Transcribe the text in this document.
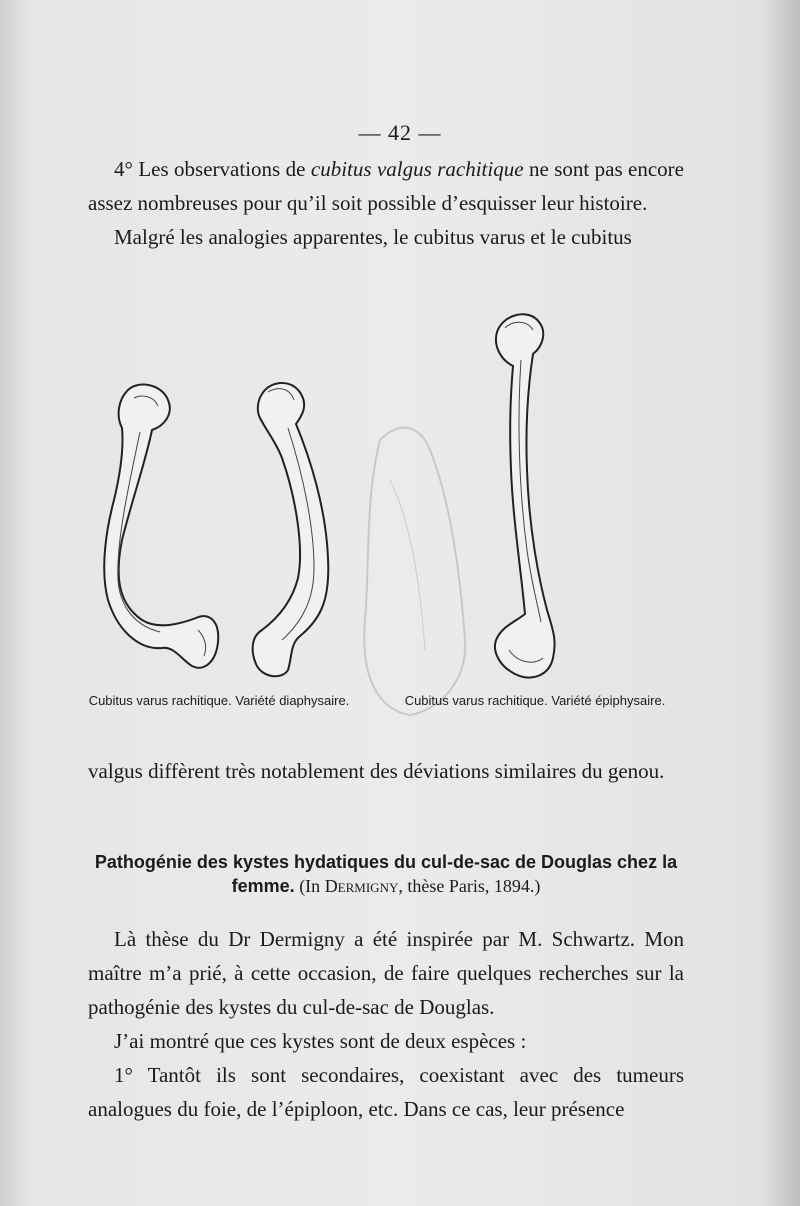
— 42 —

4° Les observations de cubitus valgus rachitique ne sont pas encore assez nombreuses pour qu’il soit possible d’esquisser leur histoire.

Malgré les analogies apparentes, le cubitus varus et le cubitus

Cubitus varus rachitique. Variété diaphysaire.	Cubitus varus rachitique. Variété épiphysaire.

valgus diffèrent très notablement des déviations similaires du genou.

Pathogénie des kystes hydatiques du cul-de-sac de Douglas chez la femme. (In Dermigny, thèse Paris, 1894.)

Là thèse du Dr Dermigny a été inspirée par M. Schwartz. Mon maître m’a prié, à cette occasion, de faire quelques recherches sur la pathogénie des kystes du cul-de-sac de Douglas.

J’ai montré que ces kystes sont de deux espèces :

1° Tantôt ils sont secondaires, coexistant avec des tumeurs analogues du foie, de l’épiploon, etc. Dans ce cas, leur présence
